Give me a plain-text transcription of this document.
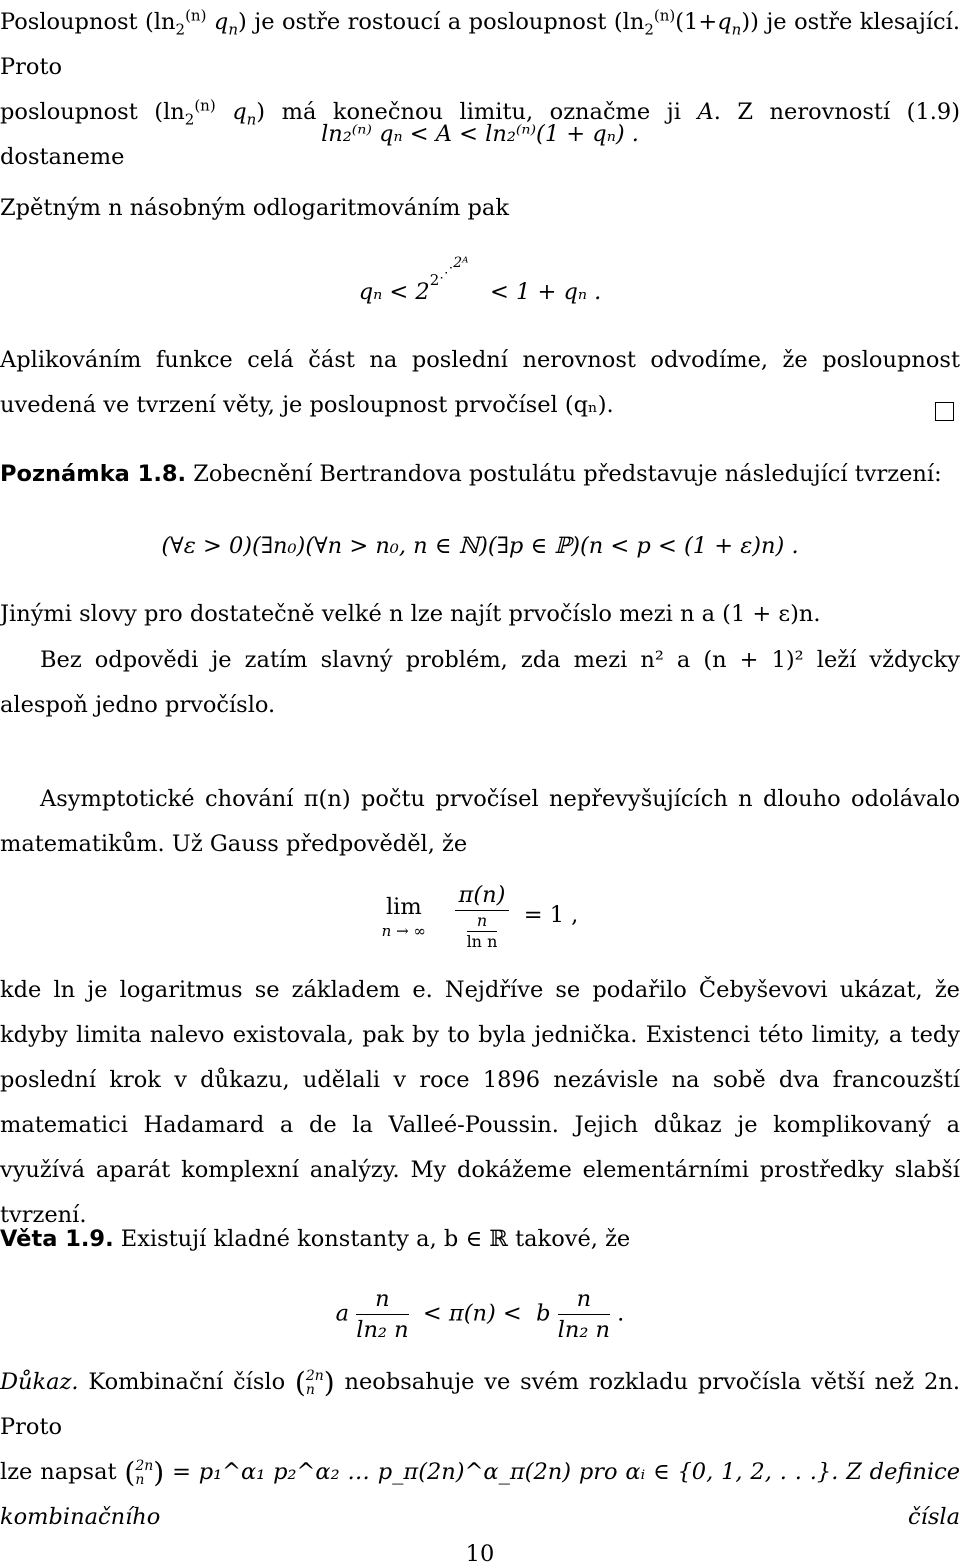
Posloupnost ($\ln_2^{(n)}$ $q_n$) je ostře rostoucí a posloupnost $(\ln_2^{(n)}(1+q_n))$ je ostře klesající. Proto

posloupnost ($\ln_2^{(n)}$ $q_n$) má konečnou limitu, označme ji A. Z nerovností (1.9) dostaneme

ln₂⁽ⁿ⁾ qₙ < A < ln₂⁽ⁿ⁾(1 + qₙ) .

Zpětným n násobným odlogaritmováním pak

$q_n < 2^{2⋰2ᴬ} < 1 + q_n$ .

Aplikováním funkce celá část na poslední nerovnost odvodíme, že posloupnost uvedená ve tvrzení věty, je posloupnost prvočísel (qₙ).

Poznámka 1.8. Zobecnění Bertrandova postulátu představuje následující tvrzení:

(∀ε > 0)(∃n₀)(∀n > n₀, n ∈ ℕ)(∃p ∈ ℙ)(n < p < (1 + ε)n) .

Jinými slovy pro dostatečně velké n lze najít prvočíslo mezi n a (1 + ε)n.

Bez odpovědi je zatím slavný problém, zda mezi n² a (n + 1)² leží vždycky alespoň jedno prvočíslo.

Asymptotické chování π(n) počtu prvočísel nepřevyšujících n dlouho odolávalo matematikům. Už Gauss předpověděl, že

lim
n → ∞
$\frac{\pi(n)}{\frac{n}{\text{ln n}}} = 1$ ,

kde ln je logaritmus se základem e. Nejdříve se podařilo Čebyševovi ukázat, že kdyby limita nalevo existovala, pak by to byla jednička. Existenci této limity, a tedy poslední krok v důkazu, udělali v roce 1896 nezávisle na sobě dva francouzští matematici Hadamard a de la Valleé-Poussin. Jejich důkaz je komplikovaný a využívá aparát komplexní analýzy. My dokážeme elementárními prostředky slabší tvrzení.

Věta 1.9. Existují kladné konstanty a, b ∈ ℝ takové, že

a $\frac{n}{\text{ln₂ n}} < \pi(n) < b \frac{n}{\text{ln₂ n}}$ .

Důkaz. Kombinační číslo ( 2n
n ) neobsahuje ve svém rozkladu prvočísla větší než 2n. Proto

lze napsat ( 2n
n ) = p₁^α₁ p₂^α₂ … p_π(2n)^α_π(2n) pro αᵢ ∈ {0, 1, 2, . . .}. Z definice kombinačního čísla

10
